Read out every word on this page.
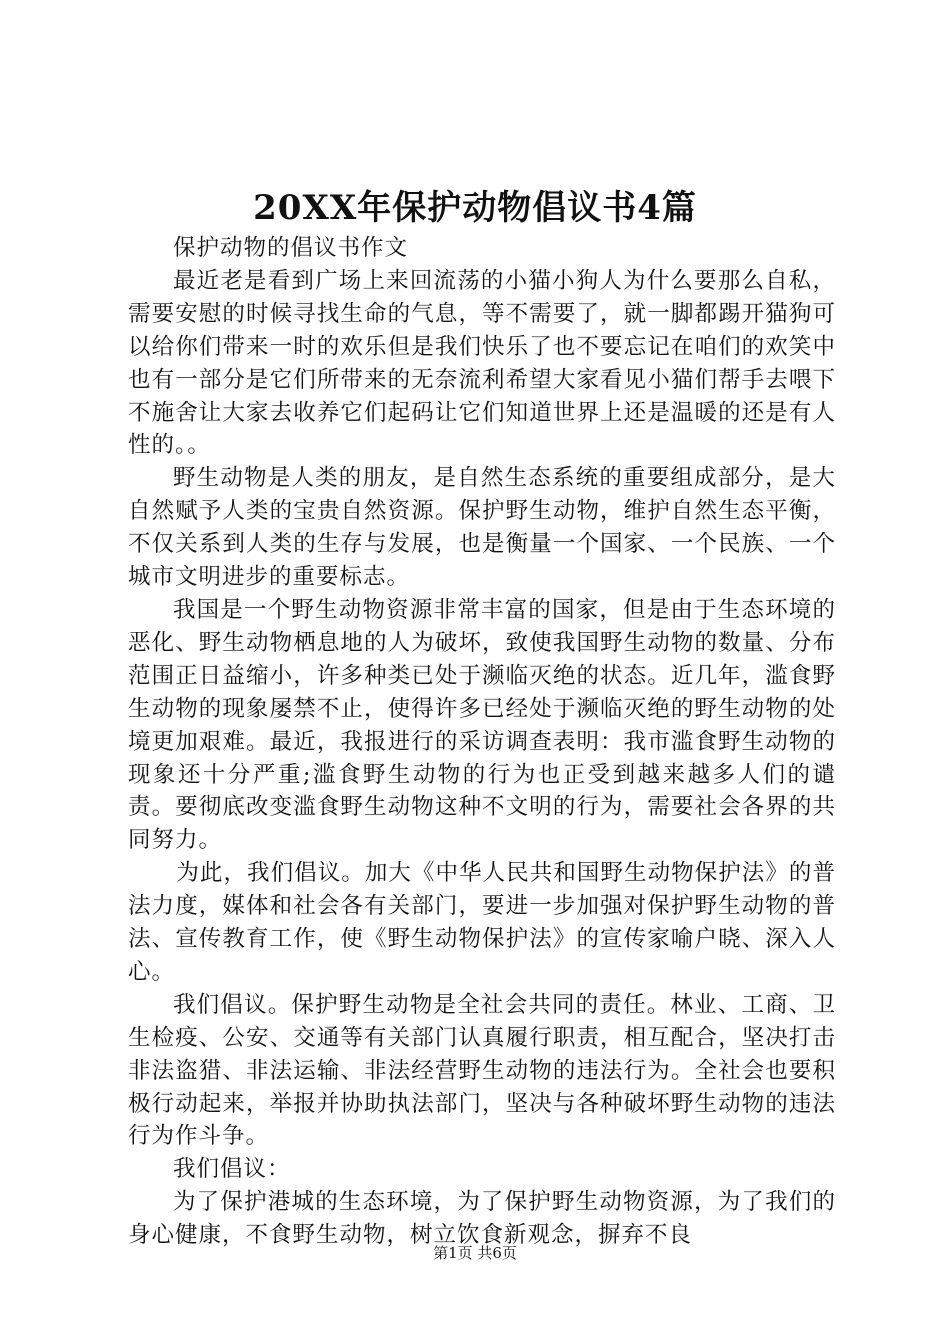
20XX年保护动物倡议书4篇

保护动物的倡议书作文

最近老是看到广场上来回流荡的小猫小狗人为什么要那么自私，需要安慰的时候寻找生命的气息，等不需要了，就一脚都踢开猫狗可以给你们带来一时的欢乐但是我们快乐了也不要忘记在咱们的欢笑中也有一部分是它们所带来的无奈流利希望大家看见小猫们帮手去喂下不施舍让大家去收养它们起码让它们知道世界上还是温暖的还是有人性的。。

野生动物是人类的朋友，是自然生态系统的重要组成部分，是大自然赋予人类的宝贵自然资源。保护野生动物，维护自然生态平衡，不仅关系到人类的生存与发展，也是衡量一个国家、一个民族、一个城市文明进步的重要标志。

我国是一个野生动物资源非常丰富的国家，但是由于生态环境的恶化、野生动物栖息地的人为破坏，致使我国野生动物的数量、分布范围正日益缩小，许多种类已处于濒临灭绝的状态。近几年，滥食野生动物的现象屡禁不止，使得许多已经处于濒临灭绝的野生动物的处境更加艰难。最近，我报进行的采访调查表明：我市滥食野生动物的现象还十分严重;滥食野生动物的行为也正受到越来越多人们的谴责。要彻底改变滥食野生动物这种不文明的行为，需要社会各界的共同努力。

为此，我们倡议。加大《中华人民共和国野生动物保护法》的普法力度，媒体和社会各有关部门，要进一步加强对保护野生动物的普法、宣传教育工作，使《野生动物保护法》的宣传家喻户晓、深入人心。

我们倡议。保护野生动物是全社会共同的责任。林业、工商、卫生检疫、公安、交通等有关部门认真履行职责，相互配合，坚决打击非法盗猎、非法运输、非法经营野生动物的违法行为。全社会也要积极行动起来，举报并协助执法部门，坚决与各种破坏野生动物的违法行为作斗争。

我们倡议：

为了保护港城的生态环境，为了保护野生动物资源，为了我们的身心健康，不食野生动物，树立饮食新观念，摒弃不良

第1页 共6页
